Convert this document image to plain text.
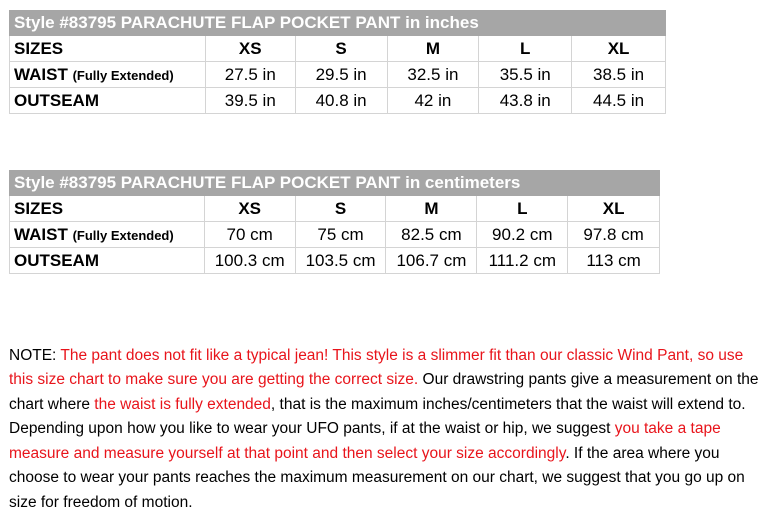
Style #83795 PARACHUTE FLAP POCKET PANT in inches					
SIZES	XS	S	M	L	XL
WAIST (Fully Extended)	27.5 in	29.5 in	32.5 in	35.5 in	38.5 in
OUTSEAM	39.5 in	40.8 in	42 in	43.8 in	44.5 in
Style #83795 PARACHUTE FLAP POCKET PANT in centimeters					
SIZES	XS	S	M	L	XL
WAIST (Fully Extended)	70 cm	75 cm	82.5 cm	90.2 cm	97.8 cm
OUTSEAM	100.3 cm	103.5 cm	106.7 cm	111.2 cm	113 cm

NOTE: The pant does not fit like a typical jean! This style is a slimmer fit than our classic Wind Pant, so use this size chart to make sure you are getting the correct size. Our drawstring pants give a measurement on the chart where the waist is fully extended, that is the maximum inches/centimeters that the waist will extend to. Depending upon how you like to wear your UFO pants, if at the waist or hip, we suggest you take a tape measure and measure yourself at that point and then select your size accordingly. If the area where you choose to wear your pants reaches the maximum measurement on our chart, we suggest that you go up on size for freedom of motion.
